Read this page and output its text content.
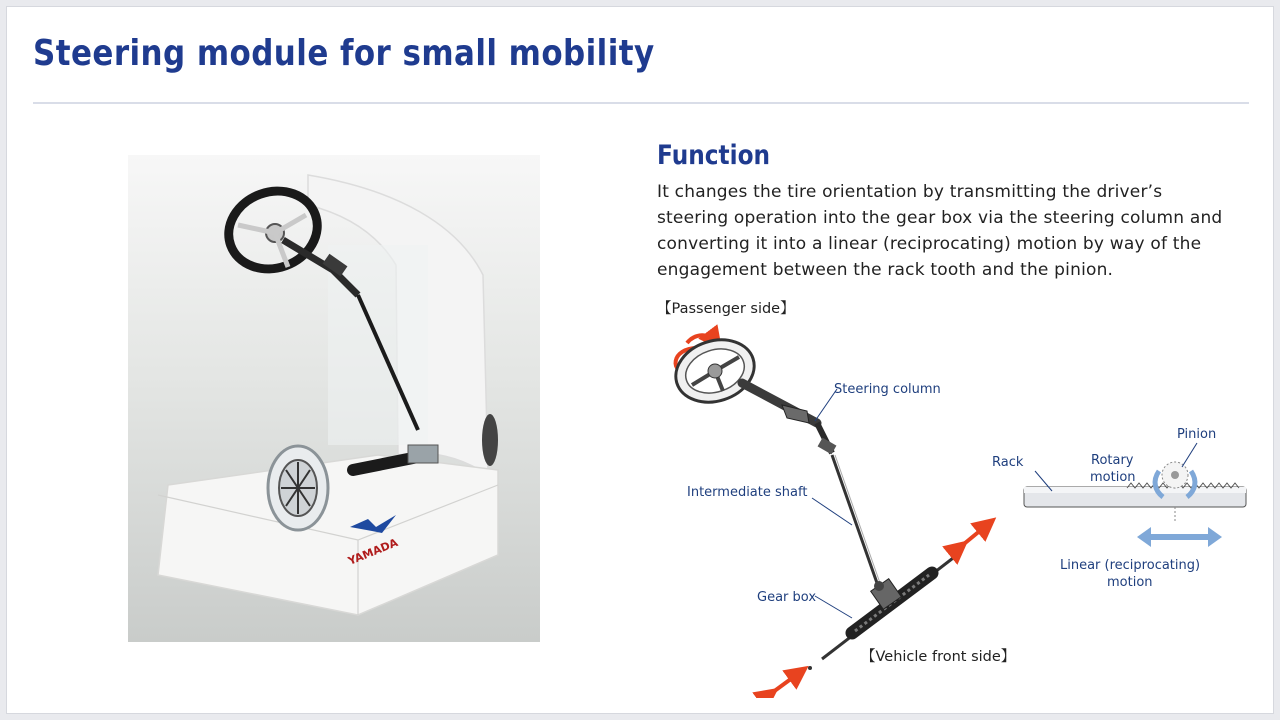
Steering module for small mobility
YAMADA
Function
It changes the tire orientation by transmitting the driver’s steering operation into the gear box via the steering column and converting it into a linear (reciprocating) motion by way of the engagement between the rack tooth and the pinion.
【Passenger side】
Steering column
Intermediate shaft
Gear box
【Vehicle front side】
Rack	Rotary
motion
Pinion
Linear (reciprocating)
motion
